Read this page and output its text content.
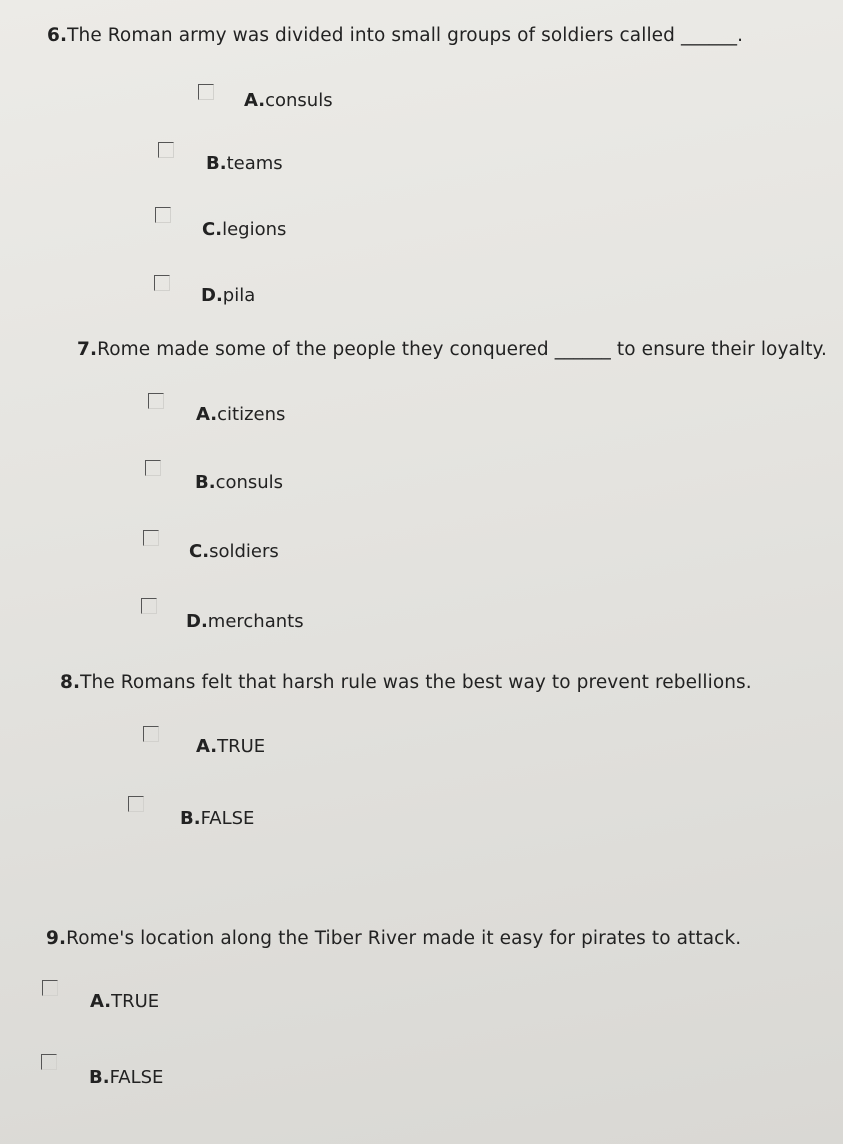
6.The Roman army was divided into small groups of soldiers called ______.
A.consuls
B.teams
C.legions
D.pila
7.Rome made some of the people they conquered ______ to ensure their loyalty.
A.citizens
B.consuls
C.soldiers
D.merchants
8.The Romans felt that harsh rule was the best way to prevent rebellions.
A.TRUE
B.FALSE
9.Rome's location along the Tiber River made it easy for pirates to attack.
A.TRUE
B.FALSE
